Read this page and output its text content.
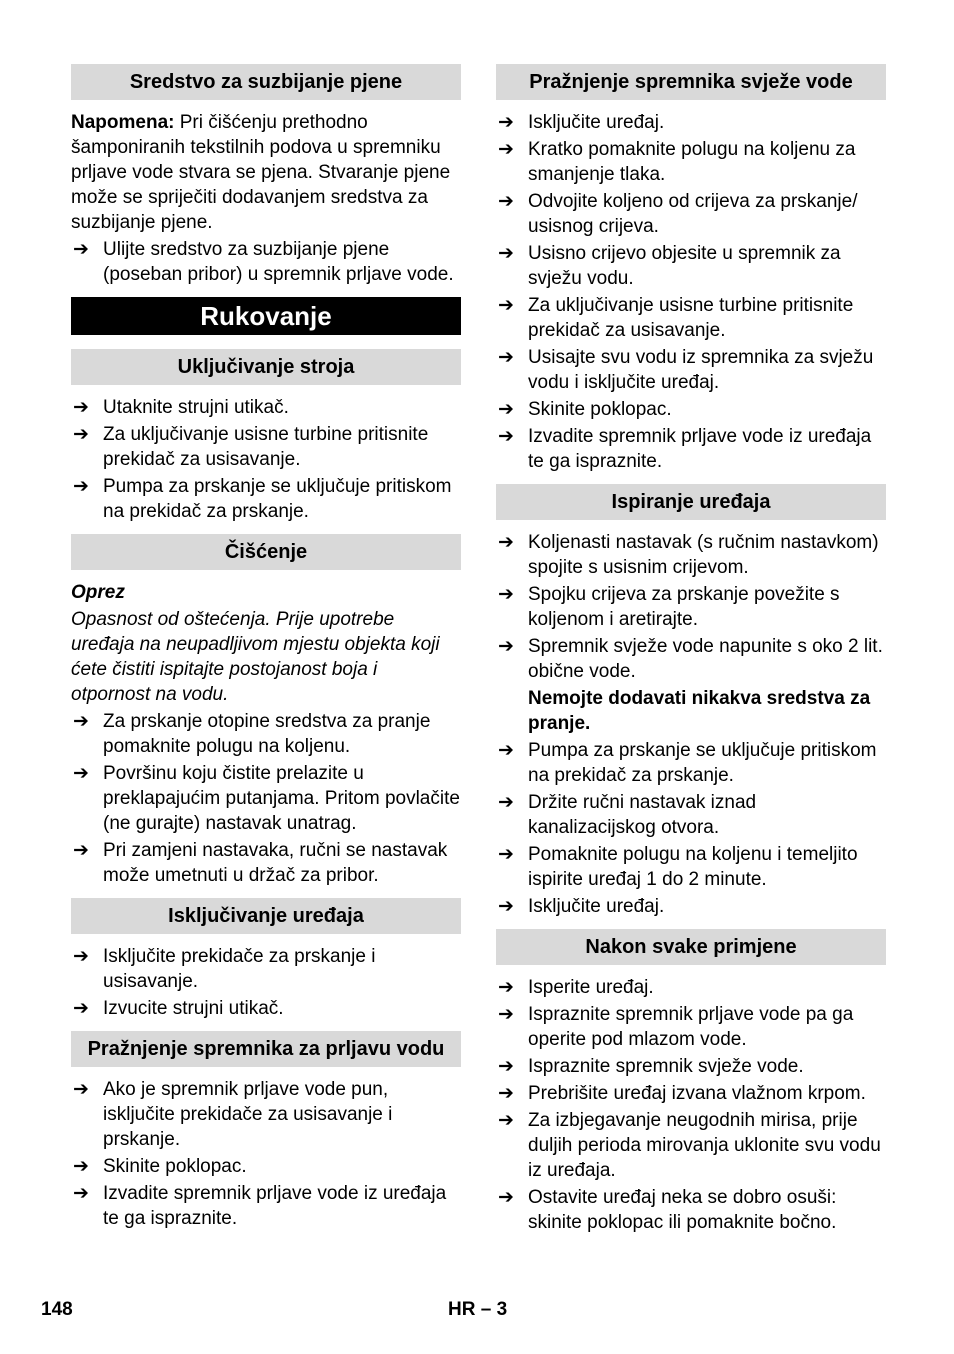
Sredstvo za suzbijanje pjene
Napomena: Pri čišćenju prethodno šamponiranih tekstilnih podova u spremniku prljave vode stvara se pjena. Stvaranje pjene može se spriječiti dodavanjem sredstva za suzbijanje pjene.
➔ Ulijte sredstvo za suzbijanje pjene (poseban pribor) u spremnik prljave vode.
Rukovanje
Uključivanje stroja
➔ Utaknite strujni utikač.
➔ Za uključivanje usisne turbine pritisnite prekidač za usisavanje.
➔ Pumpa za prskanje se uključuje pritiskom na prekidač za prskanje.
Čišćenje
Oprez
Opasnost od oštećenja. Prije upotrebe uređaja na neupadljivom mjestu objekta koji ćete čistiti ispitajte postojanost boja i otpornost na vodu.
➔ Za prskanje otopine sredstva za pranje pomaknite polugu na koljenu.
➔ Površinu koju čistite prelazite u preklapajućim putanjama. Pritom povlačite (ne gurajte) nastavak unatrag.
➔ Pri zamjeni nastavaka, ručni se nastavak može umetnuti u držač za pribor.
Isključivanje uređaja
➔ Isključite prekidače za prskanje i usisavanje.
➔ Izvucite strujni utikač.
Pražnjenje spremnika za prljavu vodu
➔ Ako je spremnik prljave vode pun, isključite prekidače za usisavanje i prskanje.
➔ Skinite poklopac.
➔ Izvadite spremnik prljave vode iz uređaja te ga ispraznite.
Pražnjenje spremnika svježe vode
➔ Isključite uređaj.
➔ Kratko pomaknite polugu na koljenu za smanjenje tlaka.
➔ Odvojite koljeno od crijeva za prskanje/ usisnog crijeva.
➔ Usisno crijevo objesite u spremnik za svježu vodu.
➔ Za uključivanje usisne turbine pritisnite prekidač za usisavanje.
➔ Usisajte svu vodu iz spremnika za svježu vodu i isključite uređaj.
➔ Skinite poklopac.
➔ Izvadite spremnik prljave vode iz uređaja te ga ispraznite.
Ispiranje uređaja
➔ Koljenasti nastavak (s ručnim nastavkom) spojite s usisnim crijevom.
➔ Spojku crijeva za prskanje povežite s koljenom i aretirajte.
➔ Spremnik svježe vode napunite s oko 2 lit. obične vode.
Nemojte dodavati nikakva sredstva za pranje.
➔ Pumpa za prskanje se uključuje pritiskom na prekidač za prskanje.
➔ Držite ručni nastavak iznad kanalizacijskog otvora.
➔ Pomaknite polugu na koljenu i temeljito ispirite uređaj 1 do 2 minute.
➔ Isključite uređaj.
Nakon svake primjene
➔ Isperite uređaj.
➔ Ispraznite spremnik prljave vode pa ga operite pod mlazom vode.
➔ Ispraznite spremnik svježe vode.
➔ Prebrišite uređaj izvana vlažnom krpom.
➔ Za izbjegavanje neugodnih mirisa, prije duljih perioda mirovanja uklonite svu vodu iz uređaja.
➔ Ostavite uređaj neka se dobro osuši: skinite poklopac ili pomaknite bočno.
148	HR – 3
